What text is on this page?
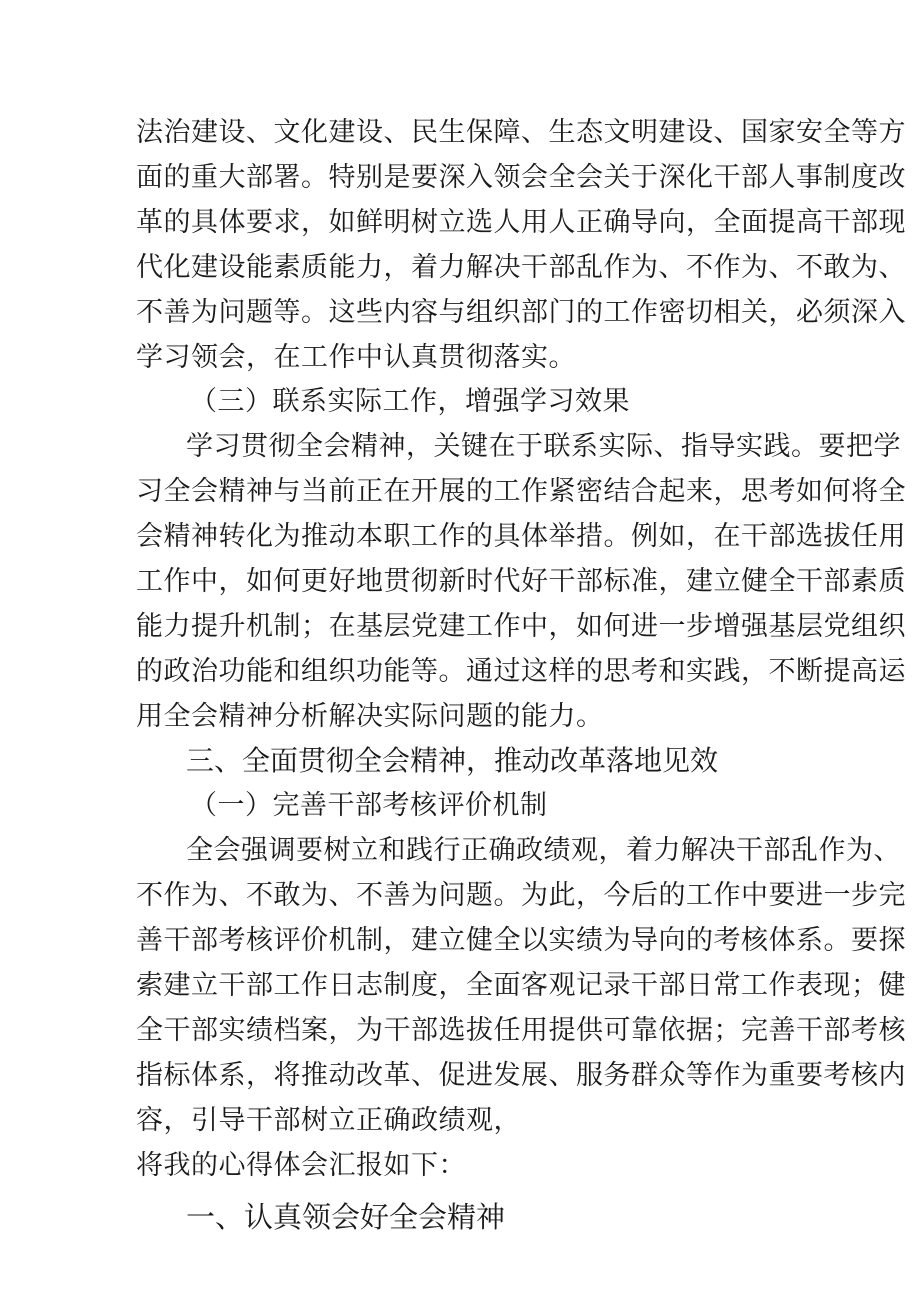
法治建设、文化建设、民生保障、生态文明建设、国家安全等方
面的重大部署。特别是要深入领会全会关于深化干部人事制度改
革的具体要求，如鲜明树立选人用人正确导向，全面提高干部现
代化建设能素质能力，着力解决干部乱作为、不作为、不敢为、
不善为问题等。这些内容与组织部门的工作密切相关，必须深入
学习领会，在工作中认真贯彻落实。
（三）联系实际工作，增强学习效果
学习贯彻全会精神，关键在于联系实际、指导实践。要把学
习全会精神与当前正在开展的工作紧密结合起来，思考如何将全
会精神转化为推动本职工作的具体举措。例如，在干部选拔任用
工作中，如何更好地贯彻新时代好干部标准，建立健全干部素质
能力提升机制；在基层党建工作中，如何进一步增强基层党组织
的政治功能和组织功能等。通过这样的思考和实践，不断提高运
用全会精神分析解决实际问题的能力。
三、全面贯彻全会精神，推动改革落地见效
（一）完善干部考核评价机制
全会强调要树立和践行正确政绩观，着力解决干部乱作为、
不作为、不敢为、不善为问题。为此，今后的工作中要进一步完
善干部考核评价机制，建立健全以实绩为导向的考核体系。要探
索建立干部工作日志制度，全面客观记录干部日常工作表现；健
全干部实绩档案，为干部选拔任用提供可靠依据；完善干部考核
指标体系，将推动改革、促进发展、服务群众等作为重要考核内
容，引导干部树立正确政绩观，
将我的心得体会汇报如下：
一、认真领会好全会精神
